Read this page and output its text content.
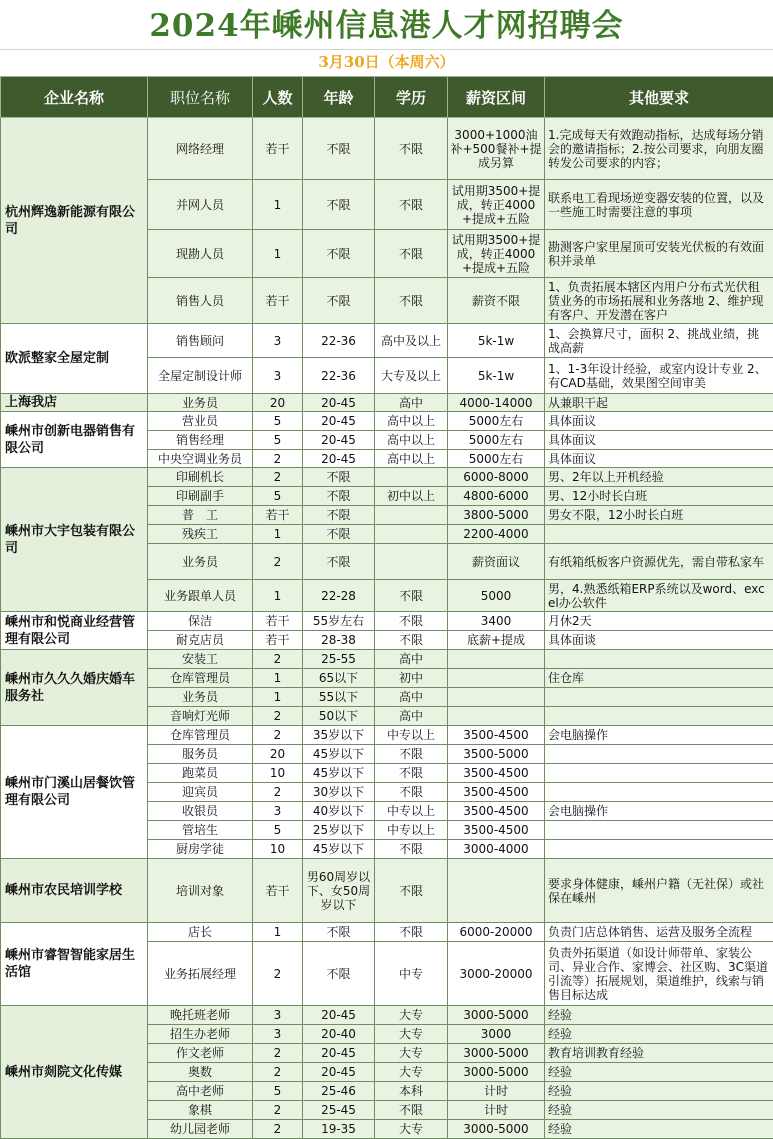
2024年嵊州信息港人才网招聘会
3月30日（本周六）
企业名称	职位名称	人数	年龄	学历	薪资区间	其他要求
杭州辉逸新能源有限公司	网络经理	若干	不限	不限	3000+1000油补+500餐补+提成另算	1.完成每天有效跑动指标，达成每场分销会的邀请指标；2.按公司要求，向朋友圈转发公司要求的内容；
	并网人员	1	不限	不限	试用期3500+提成，转正4000+提成+五险	联系电工看现场逆变器安装的位置，以及一些施工时需要注意的事项
	现勘人员	1	不限	不限	试用期3500+提成，转正4000+提成+五险	勘测客户家里屋顶可安装光伏板的有效面积并录单
	销售人员	若干	不限	不限	薪资不限	1、负责拓展本辖区内用户分布式光伏租赁业务的市场拓展和业务落地 2、维护现有客户、开发潜在客户
欧派整家全屋定制	销售顾问	3	22-36	高中及以上	5k-1w	1、会换算尺寸，面积 2、挑战业绩，挑战高薪
	全屋定制设计师	3	22-36	大专及以上	5k-1w	1、1-3年设计经验，或室内设计专业 2、有CAD基础，效果图空间审美
上海我店	业务员	20	20-45	高中	4000-14000	从兼职干起
嵊州市创新电器销售有限公司	营业员	5	20-45	高中以上	5000左右	具体面议
	销售经理	5	20-45	高中以上	5000左右	具体面议
	中央空调业务员	2	20-45	高中以上	5000左右	具体面议
嵊州市大宇包装有限公司	印刷机长	2	不限		6000-8000	男、2年以上开机经验
	印刷副手	5	不限	初中以上	4800-6000	男、12小时长白班
	普　工	若干	不限		3800-5000	男女不限，12小时长白班
	残疾工	1	不限		2200-4000	
	业务员	2	不限		薪资面议	有纸箱纸板客户资源优先，需自带私家车
	业务跟单人员	1	22-28	不限	5000	男，4.熟悉纸箱ERP系统以及word、excel办公软件
嵊州市和悦商业经营管理有限公司	保洁	若干	55岁左右	不限	3400	月休2天
	耐克店员	若干	28-38	不限	底薪+提成	具体面谈
嵊州市久久久婚庆婚车服务社	安装工	2	25-55	高中		
	仓库管理员	1	65以下	初中		住仓库
	业务员	1	55以下	高中		
	音响灯光师	2	50以下	高中		
嵊州市门溪山居餐饮管理有限公司	仓库管理员	2	35岁以下	中专以上	3500-4500	会电脑操作
	服务员	20	45岁以下	不限	3500-5000	
	跑菜员	10	45岁以下	不限	3500-4500	
	迎宾员	2	30岁以下	不限	3500-4500	
	收银员	3	40岁以下	中专以上	3500-4500	会电脑操作
	管培生	5	25岁以下	中专以上	3500-4500	
	厨房学徒	10	45岁以下	不限	3000-4000	
嵊州市农民培训学校	培训对象	若干	男60周岁以下、女50周岁以下	不限		要求身体健康，嵊州户籍（无社保）或社保在嵊州
嵊州市睿智智能家居生活馆	店长	1	不限	不限	6000-20000	负责门店总体销售、运营及服务全流程
	业务拓展经理	2	不限	中专	3000-20000	负责外拓渠道（如设计师带单、家装公司、异业合作、家博会、社区购、3C渠道引流等）拓展规划，渠道维护，线索与销售目标达成
嵊州市剡院文化传媒	晚托班老师	3	20-45	大专	3000-5000	经验
	招生办老师	3	20-40	大专	3000	经验
	作文老师	2	20-45	大专	3000-5000	教育培训教育经验
	奥数	2	20-45	大专	3000-5000	经验
	高中老师	5	25-46	本科	计时	经验
	象棋	2	25-45	不限	计时	经验
	幼儿园老师	2	19-35	大专	3000-5000	经验
